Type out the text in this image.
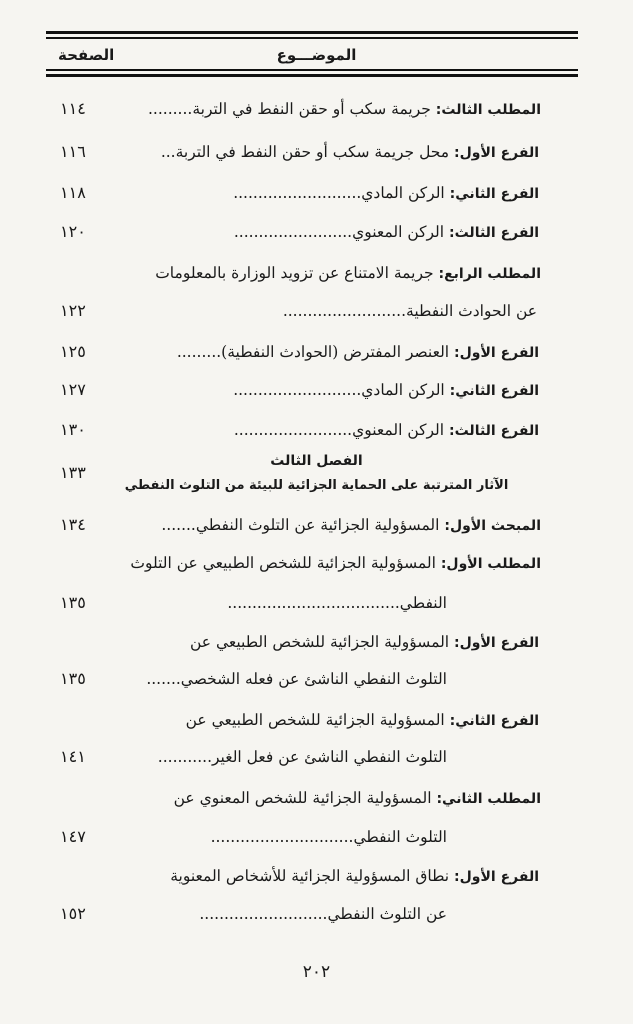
الموضـــوع
الصفحة
المطلب الثالث: جريمة سكب أو حقن النفط في التربة.........
١١٤
الفرع الأول: محل جريمة سكب أو حقن النفط في التربة...
١١٦
الفرع الثاني: الركن المادي..........................
١١٨
الفرع الثالث: الركن المعنوي........................
١٢٠
المطلب الرابع: جريمة الامتناع عن تزويد الوزارة بالمعلومات
عن الحوادث النفطية.........................
١٢٢
الفرع الأول: العنصر المفترض (الحوادث النفطية).........
١٢٥
الفرع الثاني: الركن المادي..........................
١٢٧
الفرع الثالث: الركن المعنوي........................
١٣٠
الفصل الثالث
الآثار المترتبة على الحماية الجزائية للبيئة من التلوث النفطي
١٣٣
المبحث الأول: المسؤولية الجزائية عن التلوث النفطي.......
١٣٤
المطلب الأول: المسؤولية الجزائية للشخص الطبيعي عن التلوث
النفطي...................................
١٣٥
الفرع الأول: المسؤولية الجزائية للشخص الطبيعي عن
التلوث النفطي الناشئ عن فعله الشخصي.......
١٣٥
الفرع الثاني: المسؤولية الجزائية للشخص الطبيعي عن
التلوث النفطي الناشئ عن فعل الغير...........
١٤١
المطلب الثاني: المسؤولية الجزائية للشخص المعنوي عن
التلوث النفطي.............................
١٤٧
الفرع الأول: نطاق المسؤولية الجزائية للأشخاص المعنوية
عن التلوث النفطي..........................
١٥٢
٢٠٢
